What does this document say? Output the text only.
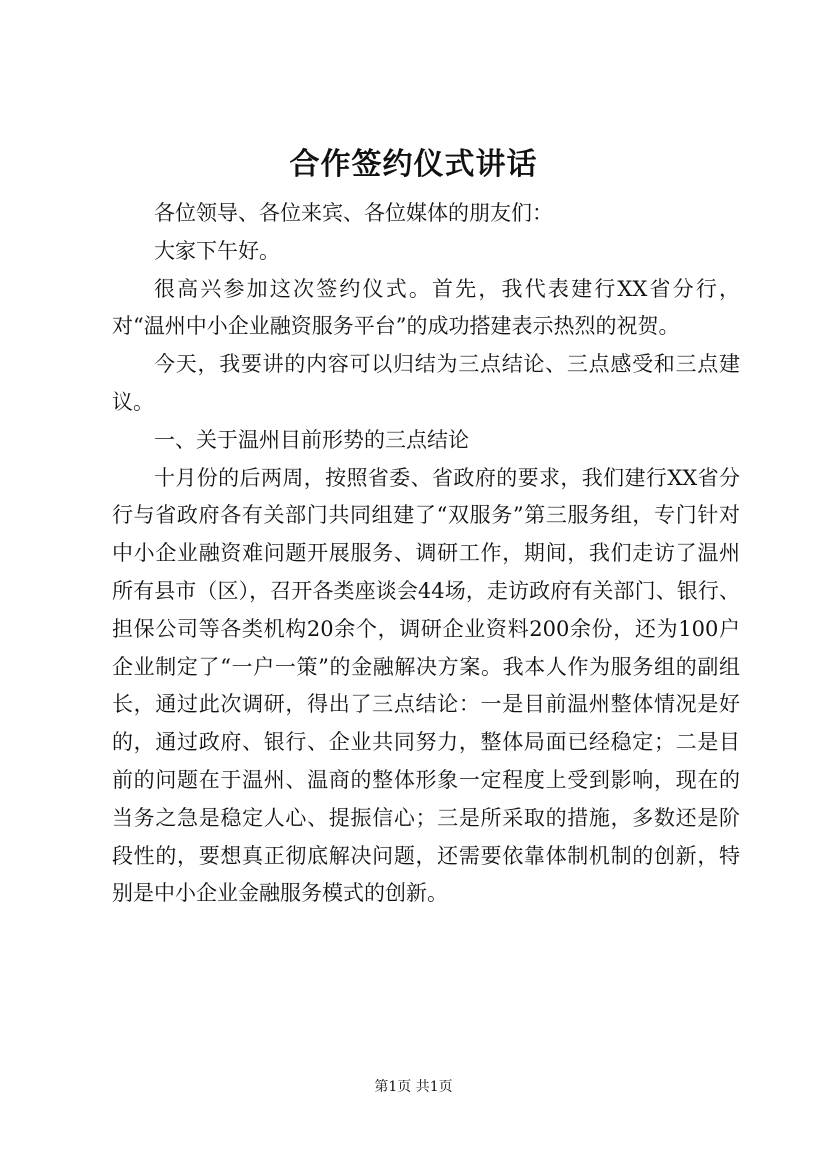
合作签约仪式讲话

各位领导、各位来宾、各位媒体的朋友们：

大家下午好。

很高兴参加这次签约仪式。首先，我代表建行XX省分行，对“温州中小企业融资服务平台”的成功搭建表示热烈的祝贺。

今天，我要讲的内容可以归结为三点结论、三点感受和三点建议。

一、关于温州目前形势的三点结论

十月份的后两周，按照省委、省政府的要求，我们建行XX省分行与省政府各有关部门共同组建了“双服务”第三服务组，专门针对中小企业融资难问题开展服务、调研工作，期间，我们走访了温州所有县市（区），召开各类座谈会44场，走访政府有关部门、银行、担保公司等各类机构20余个，调研企业资料200余份，还为100户企业制定了“一户一策”的金融解决方案。我本人作为服务组的副组长，通过此次调研，得出了三点结论：一是目前温州整体情况是好的，通过政府、银行、企业共同努力，整体局面已经稳定；二是目前的问题在于温州、温商的整体形象一定程度上受到影响，现在的当务之急是稳定人心、提振信心；三是所采取的措施，多数还是阶段性的，要想真正彻底解决问题，还需要依靠体制机制的创新，特别是中小企业金融服务模式的创新。

第1页 共1页
